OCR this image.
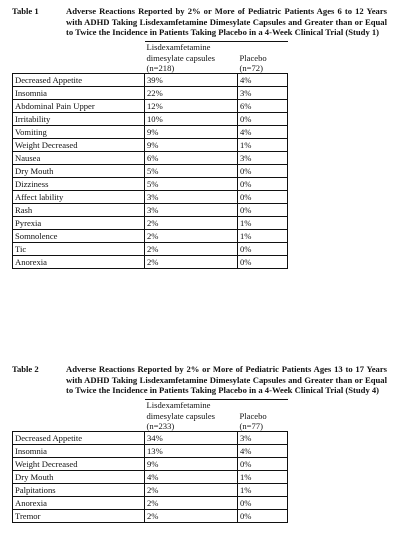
Table 1	Adverse Reactions Reported by 2% or More of Pediatric Patients Ages 6 to 12 Years with ADHD Taking Lisdexamfetamine Dimesylate Capsules and Greater than or Equal to Twice the Incidence in Patients Taking Placebo in a 4-Week Clinical Trial (Study 1)
	Lisdexamfetamine dimesylate capsules (n=218)	Placebo (n=72)	
Decreased Appetite	39%	4%	
Insomnia	22%	3%	
Abdominal Pain Upper	12%	6%	
Irritability	10%	0%	
Vomiting	9%	4%	
Weight Decreased	9%	1%	
Nausea	6%	3%	
Dry Mouth	5%	0%	
Dizziness	5%	0%	
Affect lability	3%	0%	
Rash	3%	0%	
Pyrexia	2%	1%	
Somnolence	2%	1%	
Tic	2%	0%	
Anorexia	2%	0%	
Table 2	Adverse Reactions Reported by 2% or More of Pediatric Patients Ages 13 to 17 Years with ADHD Taking Lisdexamfetamine Dimesylate Capsules and Greater than or Equal to Twice the Incidence in Patients Taking Placebo in a 4-Week Clinical Trial (Study 4)
	Lisdexamfetamine dimesylate capsules (n=233)	Placebo (n=77)	
Decreased Appetite	34%	3%	
Insomnia	13%	4%	
Weight Decreased	9%	0%	
Dry Mouth	4%	1%	
Palpitations	2%	1%	
Anorexia	2%	0%	
Tremor	2%	0%	
